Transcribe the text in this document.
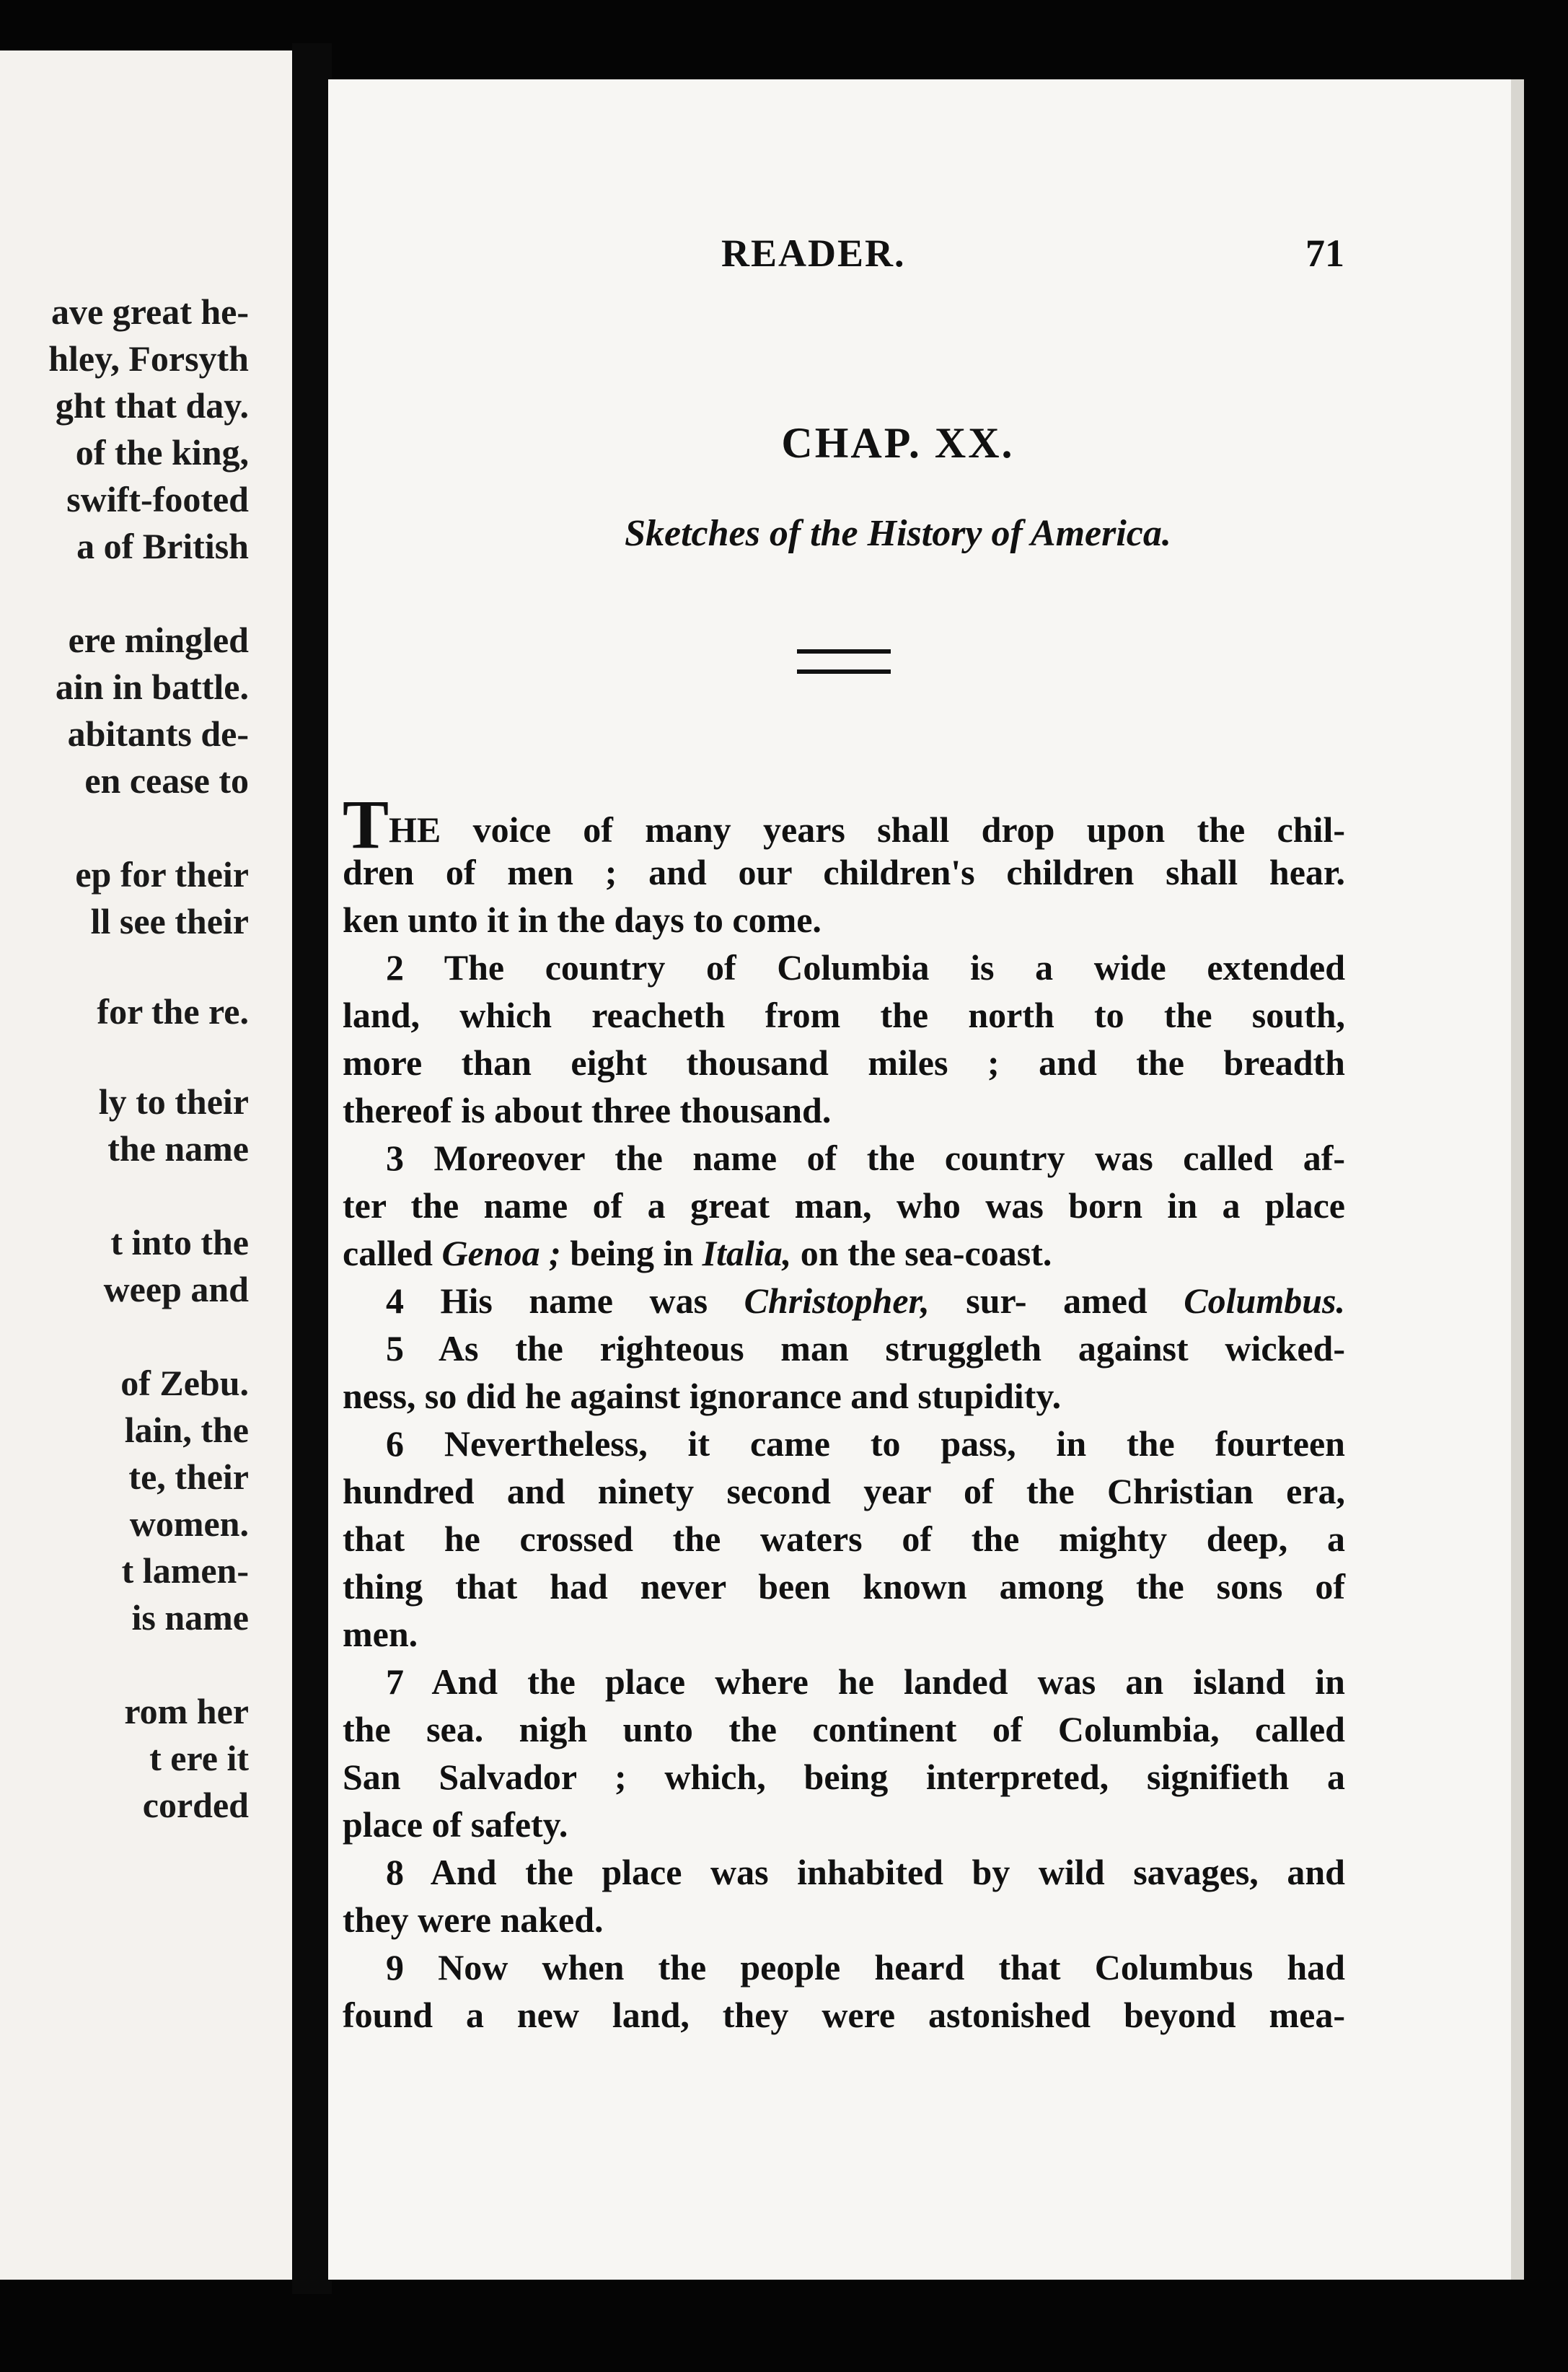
ave great he-
hley, Forsyth
ght that day.
of the king,
swift-footed
a of British
ere mingled
ain in battle.
abitants de-
en cease to
ep for their
ll see their
for the re.
ly to their
the name
t into the
weep and
of Zebu.
lain, the
te, their
women.
t lamen-
is name
rom her
t ere it
corded
READER.	71
CHAP. XX.
Sketches of the History of America.
THE voice of many years shall drop upon the chil-
dren of men ; and our children's children shall hear.
ken unto it in the days to come.
2 The country of Columbia is a wide extended
land, which reacheth from the north to the south,
more than eight thousand miles ; and the breadth
thereof is about three thousand.
3 Moreover the name of the country was called af-
ter the name of a great man, who was born in a place
called Genoa ; being in Italia, on the sea-coast.
4 His name was Christopher, sur- amed Columbus.
5 As the righteous man struggleth against wicked-
ness, so did he against ignorance and stupidity.
6 Nevertheless, it came to pass, in the fourteen
hundred and ninety second year of the Christian era,
that he crossed the waters of the mighty deep, a
thing that had never been known among the sons of
men.
7 And the place where he landed was an island in
the sea. nigh unto the continent of Columbia, called
San Salvador ; which, being interpreted, signifieth a
place of safety.
8 And the place was inhabited by wild savages, and
they were naked.
9 Now when the people heard that Columbus had
found a new land, they were astonished beyond mea-
